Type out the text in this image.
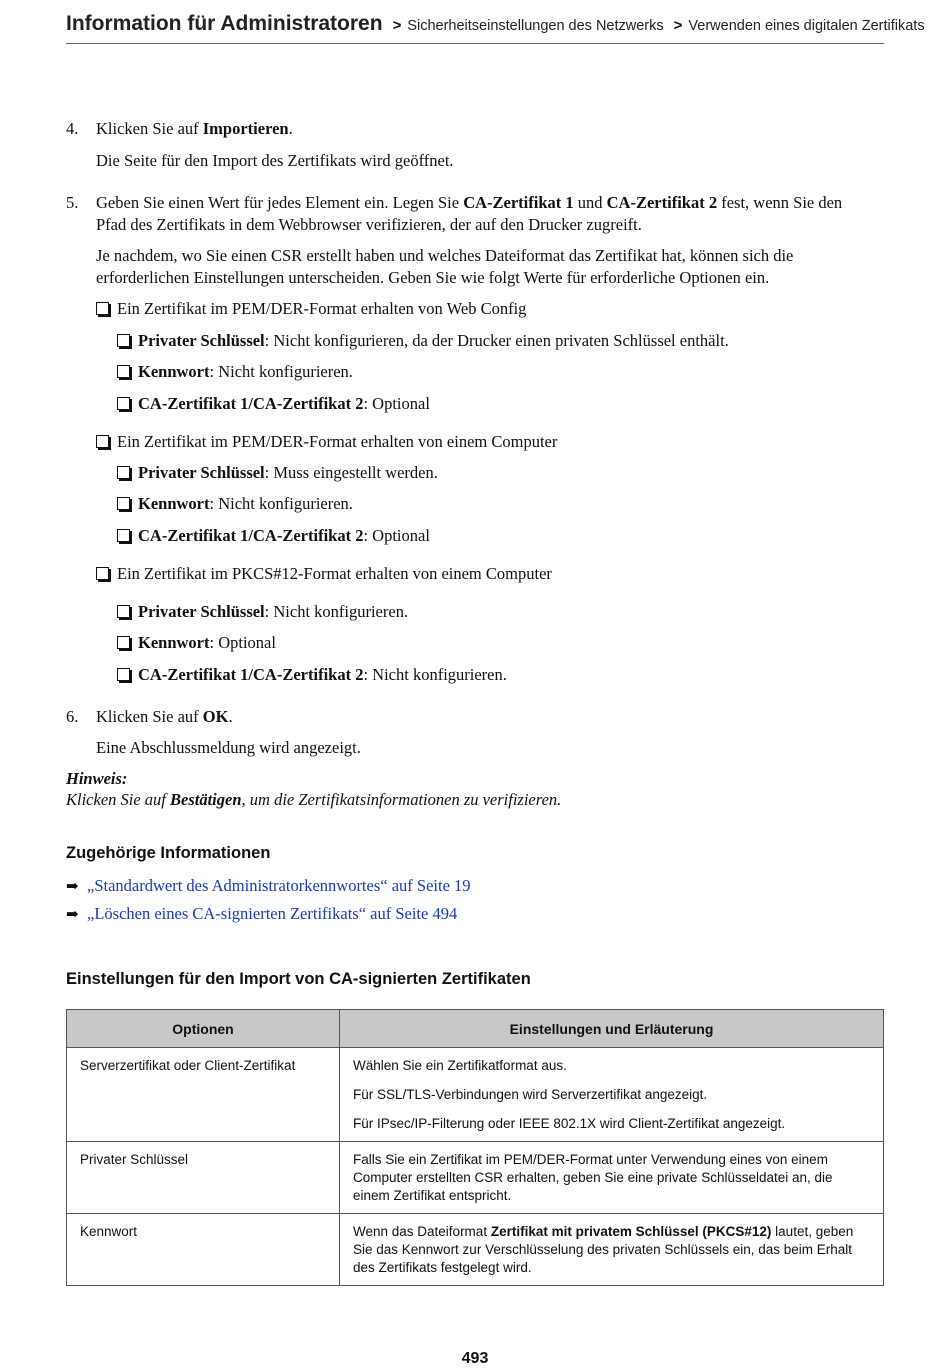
Information für Administratoren > Sicherheitseinstellungen des Netzwerks > Verwenden eines digitalen Zertifikats
4. Klicken Sie auf Importieren.
Die Seite für den Import des Zertifikats wird geöffnet.
5. Geben Sie einen Wert für jedes Element ein. Legen Sie CA-Zertifikat 1 und CA-Zertifikat 2 fest, wenn Sie den
Pfad des Zertifikats in dem Webbrowser verifizieren, der auf den Drucker zugreift.
Je nachdem, wo Sie einen CSR erstellt haben und welches Dateiformat das Zertifikat hat, können sich die
erforderlichen Einstellungen unterscheiden. Geben Sie wie folgt Werte für erforderliche Optionen ein.
Ein Zertifikat im PEM/DER-Format erhalten von Web Config
Privater Schlüssel: Nicht konfigurieren, da der Drucker einen privaten Schlüssel enthält.
Kennwort: Nicht konfigurieren.
CA-Zertifikat 1/CA-Zertifikat 2: Optional
Ein Zertifikat im PEM/DER-Format erhalten von einem Computer
Privater Schlüssel: Muss eingestellt werden.
Kennwort: Nicht konfigurieren.
CA-Zertifikat 1/CA-Zertifikat 2: Optional
Ein Zertifikat im PKCS#12-Format erhalten von einem Computer
Privater Schlüssel: Nicht konfigurieren.
Kennwort: Optional
CA-Zertifikat 1/CA-Zertifikat 2: Nicht konfigurieren.
6. Klicken Sie auf OK.
Eine Abschlussmeldung wird angezeigt.
Hinweis:
Klicken Sie auf Bestätigen, um die Zertifikatsinformationen zu verifizieren.
Zugehörige Informationen
➡ „Standardwert des Administratorkennwortes“ auf Seite 19
➡ „Löschen eines CA-signierten Zertifikats“ auf Seite 494
Einstellungen für den Import von CA-signierten Zertifikaten
Optionen	Einstellungen und Erläuterung
Serverzertifikat oder Client-Zertifikat	Wählen Sie ein Zertifikatformat aus.

Für SSL/TLS-Verbindungen wird Serverzertifikat angezeigt.

Für IPsec/IP-Filterung oder IEEE 802.1X wird Client-Zertifikat angezeigt.

Privater Schlüssel	Falls Sie ein Zertifikat im PEM/DER-Format unter Verwendung eines von einem Computer erstellten CSR erhalten, geben Sie eine private Schlüsseldatei an, die einem Zertifikat entspricht.

Kennwort	Wenn das Dateiformat Zertifikat mit privatem Schlüssel (PKCS#12) lautet, geben Sie das Kennwort zur Verschlüsselung des privaten Schlüssels ein, das beim Erhalt des Zertifikats festgelegt wird.

493
